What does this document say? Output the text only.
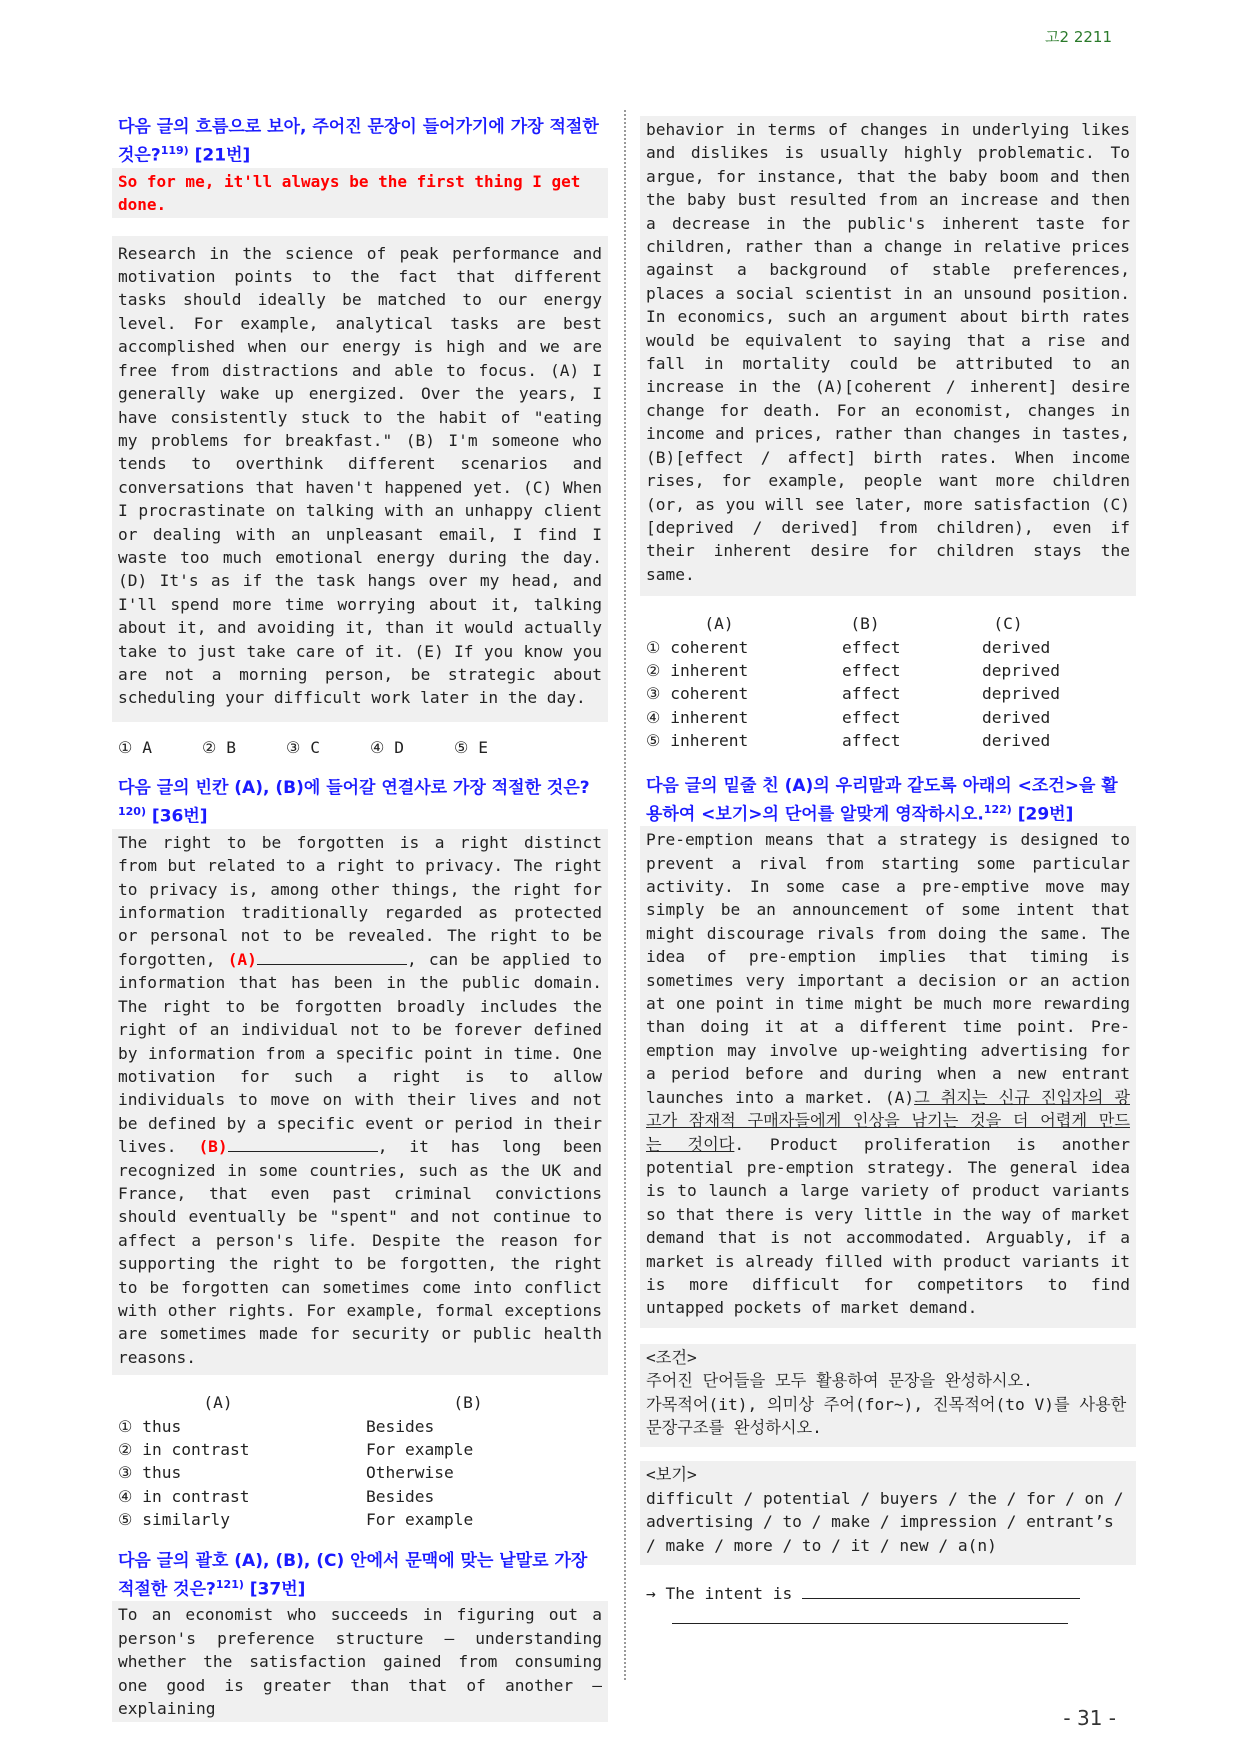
고2 2211
다음 글의 흐름으로 보아, 주어진 문장이 들어가기에 가장 적절한 것은?$^{119)}$ [21번]
So for me, it'll always be the first thing I get done.
Research in the science of peak performance and motivation points to the fact that different tasks should ideally be matched to our energy level. For example, analytical tasks are best accomplished when our energy is high and we are free from distractions and able to focus. (A) I generally wake up energized. Over the years, I have consistently stuck to the habit of "eating my problems for breakfast." (B) I'm someone who tends to overthink different scenarios and conversations that haven't happened yet. (C) When I procrastinate on talking with an unhappy client or dealing with an unpleasant email, I find I waste too much emotional energy during the day. (D) It's as if the task hangs over my head, and I'll spend more time worrying about it, talking about it, and avoiding it, than it would actually take to just take care of it. (E) If you know you are not a morning person, be strategic about scheduling your difficult work later in the day.
① A	② B	③ C	④ D	⑤ E
다음 글의 빈칸 (A), (B)에 들어갈 연결사로 가장 적절한 것은?$^{120)}$ [36번]
The right to be forgotten is a right distinct from but related to a right to privacy. The right to privacy is, among other things, the right for information traditionally regarded as protected or personal not to be revealed. The right to be forgotten, (A)	, can be applied to information that has been in the public domain. The right to be forgotten broadly includes the right of an individual not to be forever defined by information from a specific point in time. One motivation for such a right is to allow individuals to move on with their lives and not be defined by a specific event or period in their lives. (B)	, it has long been recognized in some countries, such as the UK and France, that even past criminal convictions should eventually be "spent" and not continue to affect a person's life. Despite the reason for supporting the right to be forgotten, the right to be forgotten can sometimes come into conflict with other rights. For example, formal exceptions are sometimes made for security or public health reasons.
(A)	(B)
① thus	Besides
② in contrast	For example
③ thus	Otherwise
④ in contrast	Besides
⑤ similarly	For example
다음 글의 괄호 (A), (B), (C) 안에서 문맥에 맞는 낱말로 가장 적절한 것은?$^{121)}$ [37번]
To an economist who succeeds in figuring out a person's preference structure — understanding whether the satisfaction gained from consuming one good is greater than that of another — explaining
behavior in terms of changes in underlying likes and dislikes is usually highly problematic. To argue, for instance, that the baby boom and then the baby bust resulted from an increase and then a decrease in the public's inherent taste for children, rather than a change in relative prices against a background of stable preferences, places a social scientist in an unsound position. In economics, such an argument about birth rates would be equivalent to saying that a rise and fall in mortality could be attributed to an increase in the (A)[coherent / inherent] desire change for death. For an economist, changes in income and prices, rather than changes in tastes, (B)[effect / affect] birth rates. When income rises, for example, people want more children (or, as you will see later, more satisfaction (C)[deprived / derived] from children), even if their inherent desire for children stays the same.
(A)	(B)	(C)
① coherent	effect	derived
② inherent	effect	deprived
③ coherent	affect	deprived
④ inherent	effect	derived
⑤ inherent	affect	derived
다음 글의 밑줄 친 (A)의 우리말과 같도록 아래의 <조건>을 활용하여 <보기>의 단어를 알맞게 영작하시오.$^{122)}$ [29번]
Pre-emption means that a strategy is designed to prevent a rival from starting some particular activity. In some case a pre-emptive move may simply be an announcement of some intent that might discourage rivals from doing the same. The idea of pre-emption implies that timing is sometimes very important a decision or an action at one point in time might be much more rewarding than doing it at a different time point. Pre-emption may involve up-weighting advertising for a period before and during when a new entrant launches into a market. (A)그 취지는 신규 진입자의 광고가 잠재적 구매자들에게 인상을 남기는 것을 더 어렵게 만드는 것이다. Product proliferation is another potential pre-emption strategy. The general idea is to launch a large variety of product variants so that there is very little in the way of market demand that is not accommodated. Arguably, if a market is already filled with product variants it is more difficult for competitors to find untapped pockets of market demand.
<조건>
주어진 단어들을 모두 활용하여 문장을 완성하시오.
가목적어(it), 의미상 주어(for~), 진목적어(to V)를 사용한 문장구조를 완성하시오.
<보기>
difficult / potential / buyers / the / for / on / advertising / to / make / impression / entrant’s / make / more / to / it / new / a(n)
→ The intent is
- 31 -
